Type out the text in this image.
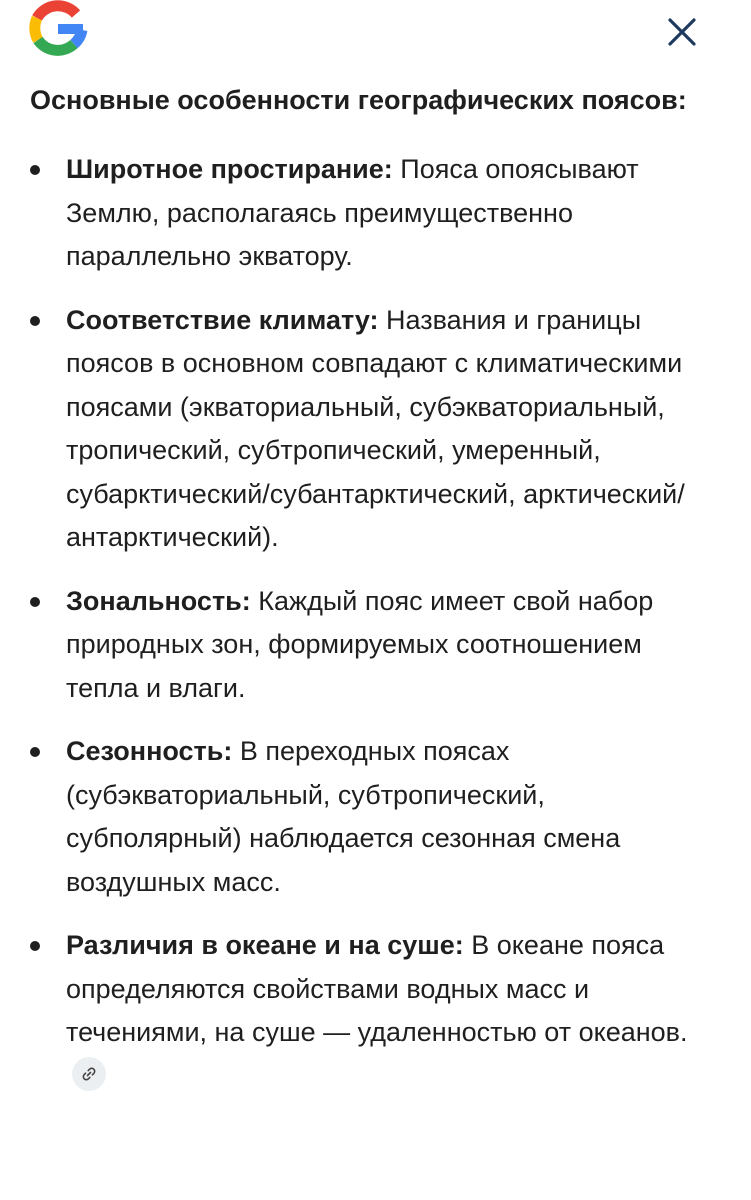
Основные особенности географических поясов:
Широтное простирание: Пояса опоясывают Землю, располагаясь преимущественно параллельно экватору.
Соответствие климату: Названия и границы поясов в основном совпадают с климатическими поясами (экваториальный, субэкваториальный, тропический, субтропический, умеренный, субарктический/субантарктический, арктический/антарктический).
Зональность: Каждый пояс имеет свой набор природных зон, формируемых соотношением тепла и влаги.
Сезонность: В переходных поясах (субэкваториальный, субтропический, субполярный) наблюдается сезонная смена воздушных масс.
Различия в океане и на суше: В океане пояса определяются свойствами водных масс и течениями, на суше — удаленностью от океанов.
